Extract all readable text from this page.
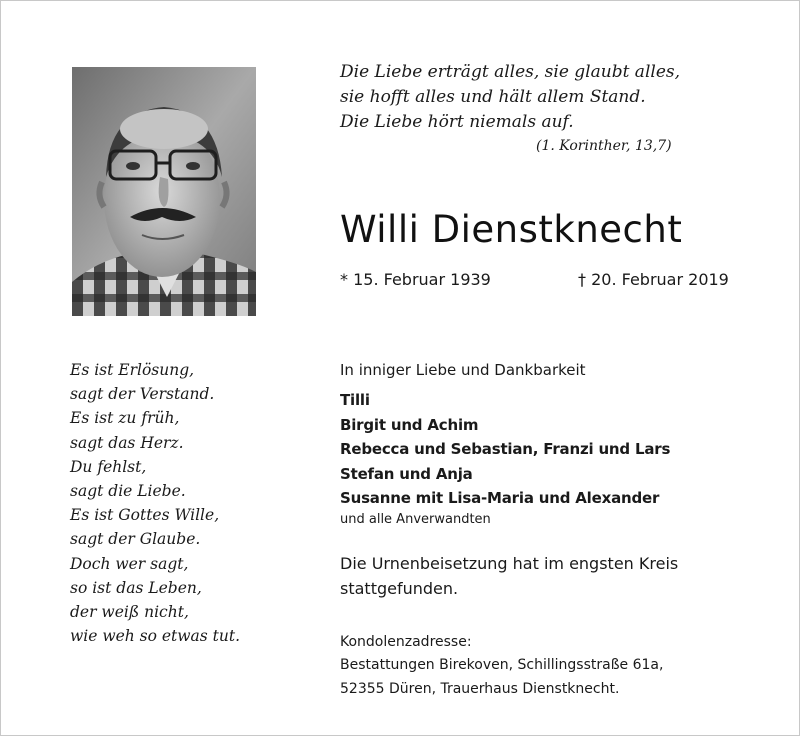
Die Liebe erträgt alles, sie glaubt alles,
sie hofft alles und hält allem Stand.
Die Liebe hört niemals auf.
(1. Korinther, 13,7)
Willi Dienstknecht
* 15. Februar 1939	† 20. Februar 2019
Es ist Erlösung,
sagt der Verstand.
Es ist zu früh,
sagt das Herz.
Du fehlst,
sagt die Liebe.
Es ist Gottes Wille,
sagt der Glaube.
Doch wer sagt,
so ist das Leben,
der weiß nicht,
wie weh so etwas tut.
In inniger Liebe und Dankbarkeit
Tilli
Birgit und Achim
Rebecca und Sebastian, Franzi und Lars
Stefan und Anja
Susanne mit Lisa-Maria und Alexander
und alle Anverwandten
Die Urnenbeisetzung hat im engsten Kreis
stattgefunden.
Kondolenzadresse:
Bestattungen Birekoven, Schillingsstraße 61a,
52355 Düren, Trauerhaus Dienstknecht.
